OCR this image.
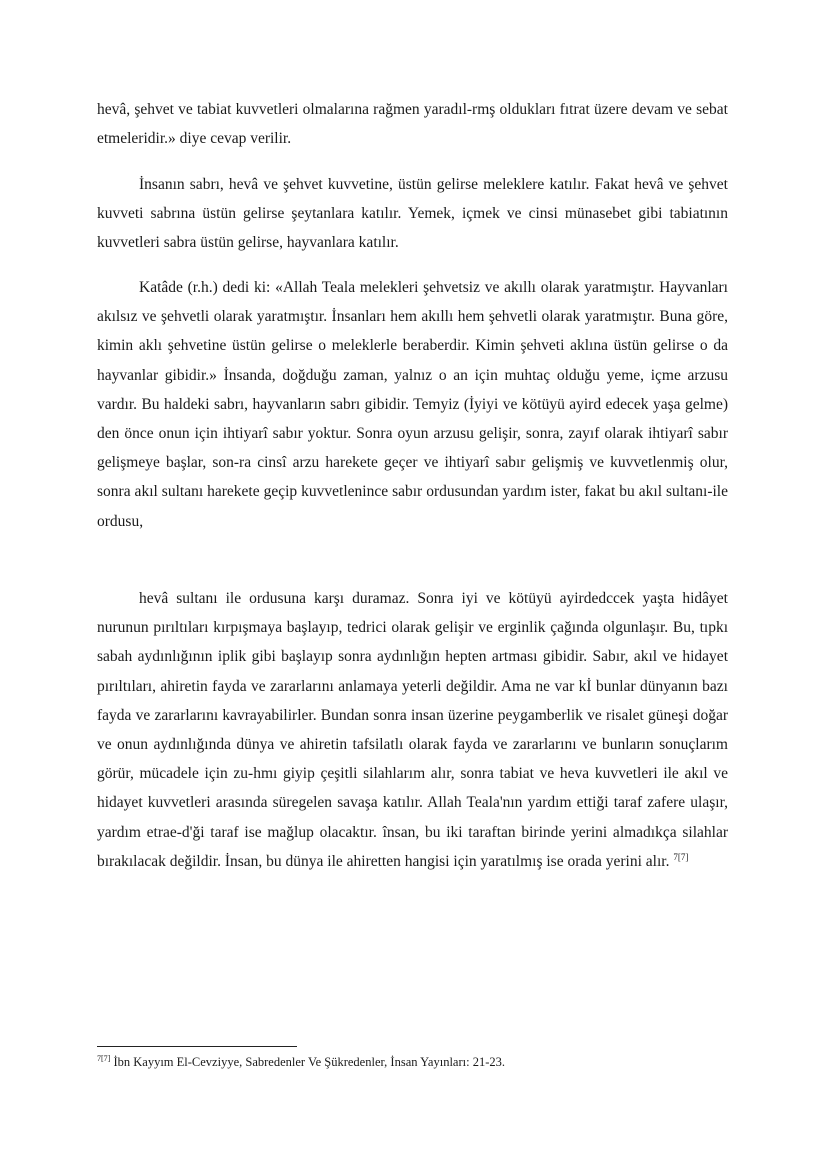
hevâ, şehvet ve tabiat kuvvetleri olmalarına rağmen yaradıl-rmş oldukları fıtrat üzere devam ve sebat etmeleridir.» diye cevap verilir.

İnsanın sabrı, hevâ ve şehvet kuvvetine, üstün gelirse meleklere katılır. Fakat hevâ ve şehvet kuvveti sabrına üstün gelirse şeytanlara katılır. Yemek, içmek ve cinsi münasebet gibi tabiatının kuvvetleri sabra üstün gelirse, hayvanlara katılır.

Katâde (r.h.) dedi ki: «Allah Teala melekleri şehvetsiz ve akıllı olarak yaratmıştır. Hayvanları akılsız ve şehvetli olarak yaratmıştır. İnsanları hem akıllı hem şehvetli olarak yaratmıştır. Buna göre, kimin aklı şehvetine üstün gelirse o meleklerle beraberdir. Kimin şehveti aklına üstün gelirse o da hayvanlar gibidir.» İnsanda, doğduğu zaman, yalnız o an için muhtaç olduğu yeme, içme arzusu vardır. Bu haldeki sabrı, hayvanların sabrı gibidir. Temyiz (İyiyi ve kötüyü ayird edecek yaşa gelme) den önce onun için ihtiyarî sabır yoktur. Sonra oyun arzusu gelişir, sonra, zayıf olarak ihtiyarî sabır gelişmeye başlar, son-ra cinsî arzu harekete geçer ve ihtiyarî sabır gelişmiş ve kuvvetlenmiş olur, sonra akıl sultanı harekete geçip kuvvetlenince sabır ordusundan yardım ister, fakat bu akıl sultanı-ile ordusu,

hevâ sultanı ile ordusuna karşı duramaz. Sonra iyi ve kötüyü ayirdedccek yaşta hidâyet nurunun pırıltıları kırpışmaya başlayıp, tedrici olarak gelişir ve erginlik çağında olgunlaşır. Bu, tıpkı sabah aydınlığının iplik gibi başlayıp sonra aydınlığın hepten artması gibidir. Sabır, akıl ve hidayet pırıltıları, ahiretin fayda ve zararlarını anlamaya yeterli değildir. Ama ne var kİ bunlar dünyanın bazı fayda ve zararlarını kavrayabilirler. Bundan sonra insan üzerine peygamberlik ve risalet güneşi doğar ve onun aydınlığında dünya ve ahiretin tafsilatlı olarak fayda ve zararlarını ve bunların sonuçlarım görür, mücadele için zu-hmı giyip çeşitli silahlarım alır, sonra tabiat ve heva kuvvetleri ile akıl ve hidayet kuvvetleri arasında süregelen savaşa katılır. Allah Teala'nın yardım ettiği taraf zafere ulaşır, yardım etrae-d'ği taraf ise mağlup olacaktır. însan, bu iki taraftan birinde yerini almadıkça silahlar bırakılacak değildir. İnsan, bu dünya ile ahiretten hangisi için yaratılmış ise orada yerini alır. $^{7[7]}$

$^{7[7]}$ İbn Kayyım El-Cevziyye, Sabredenler Ve Şükredenler, İnsan Yayınları: 21-23.
